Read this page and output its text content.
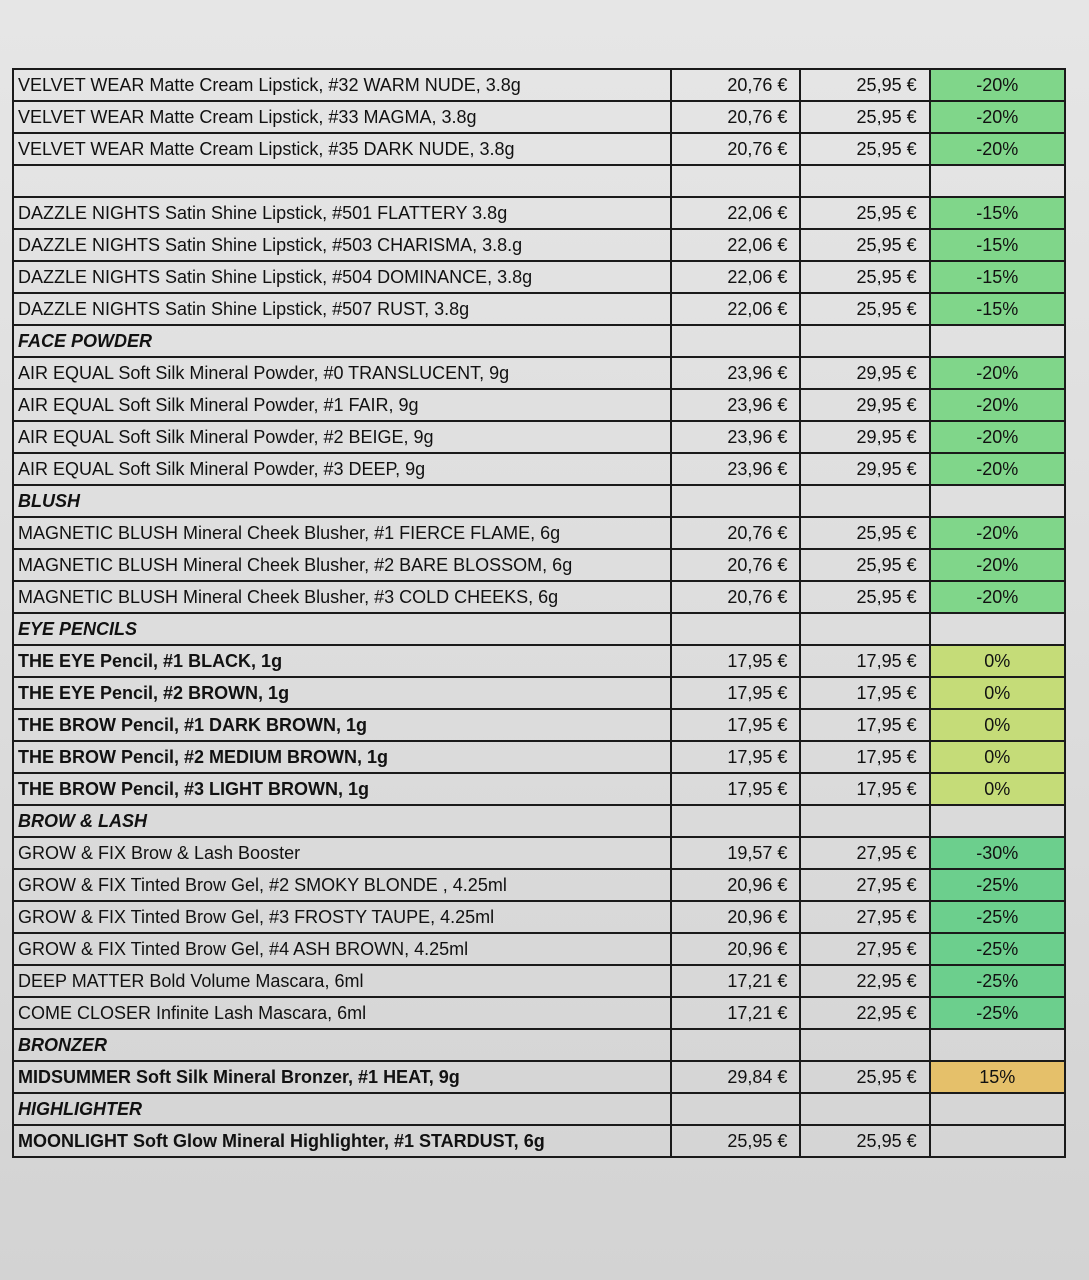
VELVET WEAR Matte Cream Lipstick, #32 WARM NUDE, 3.8g	20,76 €	25,95 €	-20%
VELVET WEAR Matte Cream Lipstick, #33 MAGMA, 3.8g	20,76 €	25,95 €	-20%
VELVET WEAR Matte Cream Lipstick, #35 DARK NUDE, 3.8g	20,76 €	25,95 €	-20%

DAZZLE NIGHTS Satin Shine Lipstick, #501 FLATTERY 3.8g	22,06 €	25,95 €	-15%
DAZZLE NIGHTS Satin Shine Lipstick, #503 CHARISMA, 3.8.g	22,06 €	25,95 €	-15%
DAZZLE NIGHTS Satin Shine Lipstick, #504 DOMINANCE, 3.8g	22,06 €	25,95 €	-15%
DAZZLE NIGHTS Satin Shine Lipstick, #507 RUST, 3.8g	22,06 €	25,95 €	-15%
FACE POWDER			
AIR EQUAL Soft Silk Mineral Powder, #0 TRANSLUCENT, 9g	23,96 €	29,95 €	-20%
AIR EQUAL Soft Silk Mineral Powder, #1 FAIR, 9g	23,96 €	29,95 €	-20%
AIR EQUAL Soft Silk Mineral Powder, #2 BEIGE, 9g	23,96 €	29,95 €	-20%
AIR EQUAL Soft Silk Mineral Powder, #3 DEEP, 9g	23,96 €	29,95 €	-20%
BLUSH			
MAGNETIC BLUSH Mineral Cheek Blusher, #1 FIERCE FLAME, 6g	20,76 €	25,95 €	-20%
MAGNETIC BLUSH Mineral Cheek Blusher, #2 BARE BLOSSOM, 6g	20,76 €	25,95 €	-20%
MAGNETIC BLUSH Mineral Cheek Blusher, #3 COLD CHEEKS, 6g	20,76 €	25,95 €	-20%
EYE PENCILS			
THE EYE Pencil, #1 BLACK, 1g	17,95 €	17,95 €	0%
THE EYE Pencil, #2 BROWN, 1g	17,95 €	17,95 €	0%
THE BROW Pencil, #1 DARK BROWN, 1g	17,95 €	17,95 €	0%
THE BROW Pencil, #2 MEDIUM BROWN, 1g	17,95 €	17,95 €	0%
THE BROW Pencil, #3 LIGHT BROWN, 1g	17,95 €	17,95 €	0%
BROW & LASH			
GROW & FIX Brow & Lash Booster	19,57 €	27,95 €	-30%
GROW & FIX Tinted Brow Gel, #2 SMOKY BLONDE , 4.25ml	20,96 €	27,95 €	-25%
GROW & FIX Tinted Brow Gel, #3 FROSTY TAUPE, 4.25ml	20,96 €	27,95 €	-25%
GROW & FIX Tinted Brow Gel, #4 ASH BROWN, 4.25ml	20,96 €	27,95 €	-25%
DEEP MATTER Bold Volume Mascara, 6ml	17,21 €	22,95 €	-25%
COME CLOSER Infinite Lash Mascara, 6ml	17,21 €	22,95 €	-25%
BRONZER			
MIDSUMMER Soft Silk Mineral Bronzer, #1 HEAT, 9g	29,84 €	25,95 €	15%
HIGHLIGHTER			
MOONLIGHT Soft Glow Mineral Highlighter, #1 STARDUST, 6g	25,95 €	25,95 €	
